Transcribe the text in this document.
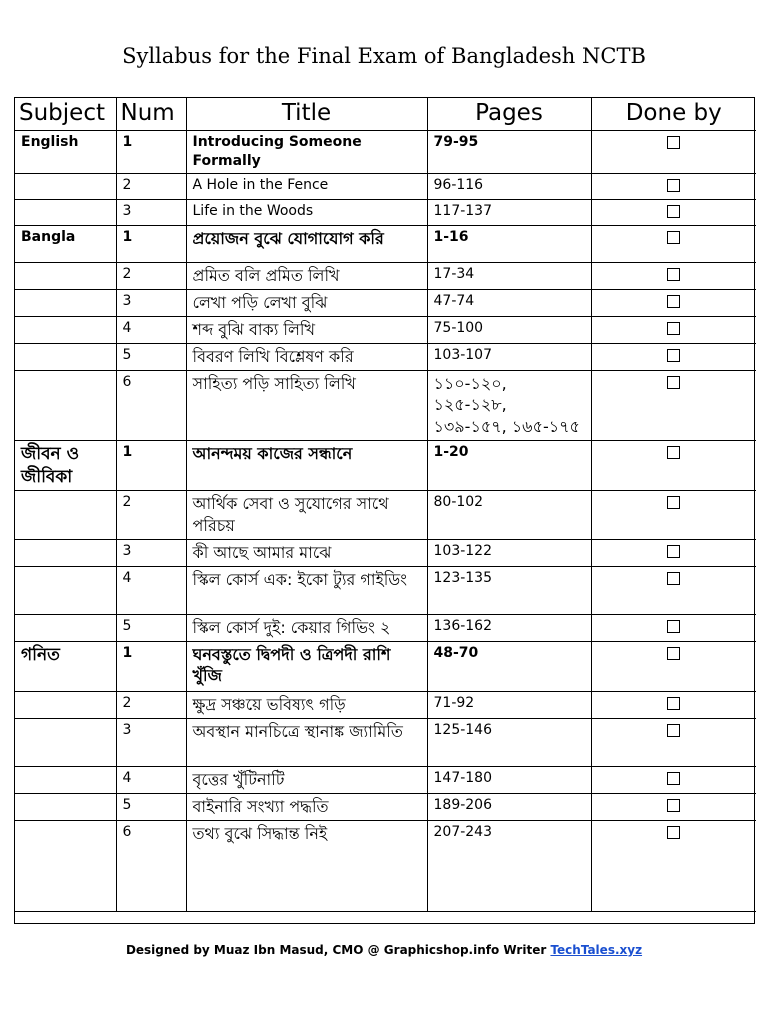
Syllabus for the Final Exam of Bangladesh NCTB
Subject	Num	Title	Pages	Done by
English	1	Introducing Someone Formally	79-95	
	2	A Hole in the Fence	96-116	
	3	Life in the Woods	117-137	
Bangla	1	প্রয়োজন বুঝে যোগাযোগ করি	1-16	
	2	প্রমিত বলি প্রমিত লিখি	17-34	
	3	লেখা পড়ি লেখা বুঝি	47-74	
	4	শব্দ বুঝি বাক্য লিখি	75-100	
	5	বিবরণ লিখি বিশ্লেষণ করি	103-107	
	6	সাহিত্য পড়ি সাহিত্য লিখি	১১০-১২০, ১২৫-১২৮, ১৩৯-১৫৭, ১৬৫-১৭৫	
জীবন ও জীবিকা	1	আনন্দময় কাজের সন্ধানে	1-20	
	2	আর্থিক সেবা ও সুযোগের সাথে পরিচয়	80-102	
	3	কী আছে আমার মাঝে	103-122	
	4	স্কিল কোর্স এক: ইকো ট্যুর গাইডিং	123-135	
	5	স্কিল কোর্স দুই: কেয়ার গিভিং ২	136-162	
গনিত	1	ঘনবস্তুতে দ্বিপদী ও ত্রিপদী রাশি খুঁজি	48-70	
	2	ক্ষুদ্র সঞ্চয়ে ভবিষ্যৎ গড়ি	71-92	
	3	অবস্থান মানচিত্রে স্থানাঙ্ক জ্যামিতি	125-146	
	4	বৃত্তের খুঁটিনাটি	147-180	
	5	বাইনারি সংখ্যা পদ্ধতি	189-206	
	6	তথ্য বুঝে সিদ্ধান্ত নিই	207-243	
Designed by Muaz Ibn Masud, CMO @ Graphicshop.info Writer TechTales.xyz
